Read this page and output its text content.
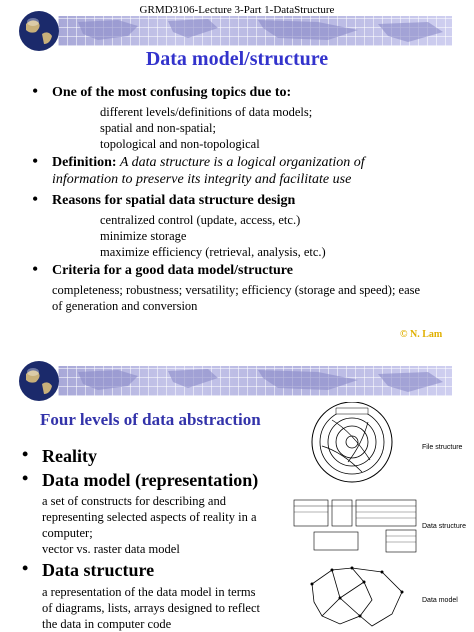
GRMD3106-Lecture 3-Part 1-DataStructure
Data model/structure
• One of the most confusing topics due to:
different levels/definitions of data models;
spatial and non-spatial;
topological and non-topological
• Definition: A data structure is a logical organization of
information to preserve its integrity and facilitate use
• Reasons for spatial data structure design
centralized control (update, access, etc.)
minimize storage
maximize efficiency (retrieval, analysis, etc.)
• Criteria for a good data model/structure
completeness; robustness; versatility; efficiency (storage and speed); ease
of generation and conversion
© N. Lam
Four levels of data abstraction
• Reality
• Data model (representation)
a set of constructs for describing and
representing selected aspects of reality in a
computer;
vector vs. raster data model
• Data structure
a representation of the data model in terms
of diagrams, lists, arrays designed to reflect
the data in computer code
File structure
Data structure
Data model
